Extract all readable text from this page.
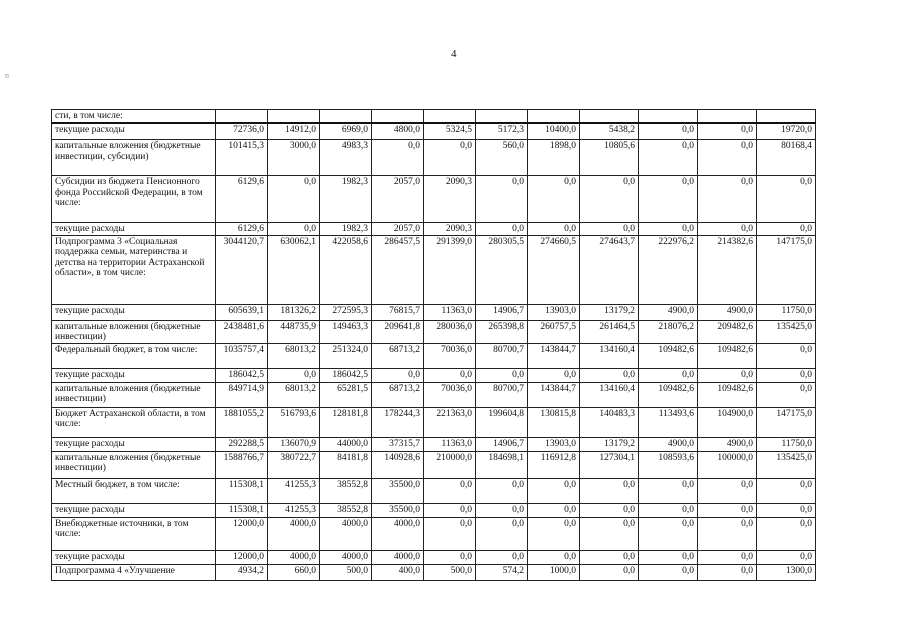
4
n
сти, в том числе:											
текущие расходы	72736,0	14912,0	6969,0	4800,0	5324,5	5172,3	10400,0	5438,2	0,0	0,0	19720,0
капитальные вложения (бюджетные инвестиции, субсидии)	101415,3	3000,0	4983,3	0,0	0,0	560,0	1898,0	10805,6	0,0	0,0	80168,4
Субсидии из бюджета Пенсионного фонда Российской Федерации, в том числе:	6129,6	0,0	1982,3	2057,0	2090,3	0,0	0,0	0,0	0,0	0,0	0,0
текущие расходы	6129,6	0,0	1982,3	2057,0	2090,3	0,0	0,0	0,0	0,0	0,0	0,0
Подпрограмма 3 «Социальная поддержка семьи, материнства и детства на территории Астраханской области», в том числе:	3044120,7	630062,1	422058,6	286457,5	291399,0	280305,5	274660,5	274643,7	222976,2	214382,6	147175,0
текущие расходы	605639,1	181326,2	272595,3	76815,7	11363,0	14906,7	13903,0	13179,2	4900,0	4900,0	11750,0
капитальные вложения (бюджетные инвестиции)	2438481,6	448735,9	149463,3	209641,8	280036,0	265398,8	260757,5	261464,5	218076,2	209482,6	135425,0
Федеральный бюджет, в том числе:	1035757,4	68013,2	251324,0	68713,2	70036,0	80700,7	143844,7	134160,4	109482,6	109482,6	0,0
текущие расходы	186042,5	0,0	186042,5	0,0	0,0	0,0	0,0	0,0	0,0	0,0	0,0
капитальные вложения (бюджетные инвестиции)	849714,9	68013,2	65281,5	68713,2	70036,0	80700,7	143844,7	134160,4	109482,6	109482,6	0,0
Бюджет Астраханской области, в том числе:	1881055,2	516793,6	128181,8	178244,3	221363,0	199604,8	130815,8	140483,3	113493,6	104900,0	147175,0
текущие расходы	292288,5	136070,9	44000,0	37315,7	11363,0	14906,7	13903,0	13179,2	4900,0	4900,0	11750,0
капитальные вложения (бюджетные инвестиции)	1588766,7	380722,7	84181,8	140928,6	210000,0	184698,1	116912,8	127304,1	108593,6	100000,0	135425,0
Местный бюджет, в том числе:	115308,1	41255,3	38552,8	35500,0	0,0	0,0	0,0	0,0	0,0	0,0	0,0
текущие расходы	115308,1	41255,3	38552,8	35500,0	0,0	0,0	0,0	0,0	0,0	0,0	0,0
Внебюджетные источники, в том числе:	12000,0	4000,0	4000,0	4000,0	0,0	0,0	0,0	0,0	0,0	0,0	0,0
текущие расходы	12000,0	4000,0	4000,0	4000,0	0,0	0,0	0,0	0,0	0,0	0,0	0,0
Подпрограмма 4 «Улучшение	4934,2	660,0	500,0	400,0	500,0	574,2	1000,0	0,0	0,0	0,0	1300,0
